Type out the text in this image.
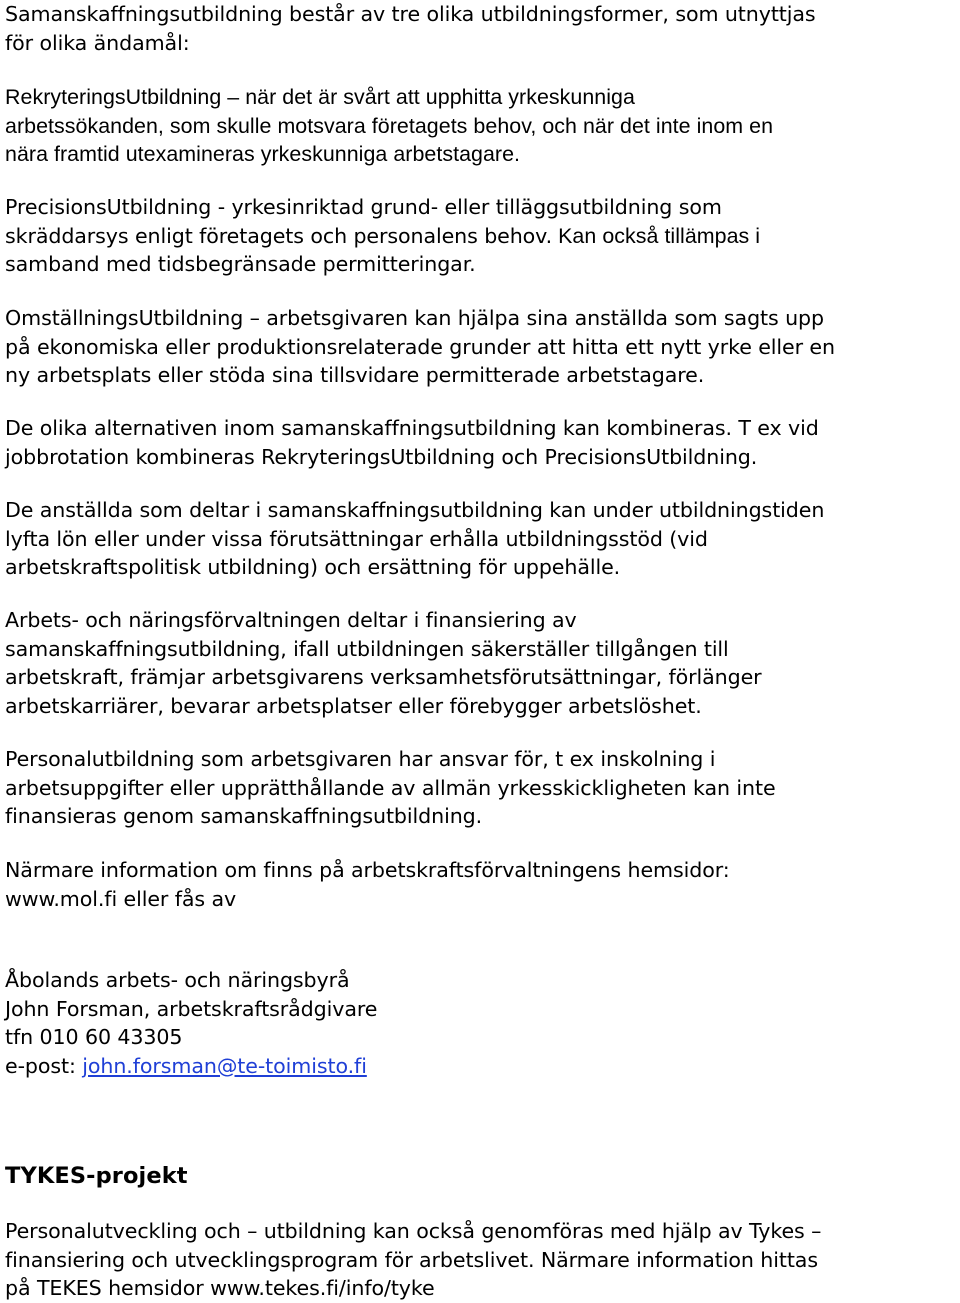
Samanskaffningsutbildning består av tre olika utbildningsformer, som utnyttjas
för olika ändamål:
RekryteringsUtbildning – när det är svårt att upphitta yrkeskunniga
arbetssökanden, som skulle motsvara företagets behov, och när det inte inom en
nära framtid utexamineras yrkeskunniga arbetstagare.
PrecisionsUtbildning - yrkesinriktad grund- eller tilläggsutbildning som
skräddarsys enligt företagets och personalens behov. Kan också tillämpas i
samband med tidsbegränsade permitteringar.
OmställningsUtbildning – arbetsgivaren kan hjälpa sina anställda som sagts upp
på ekonomiska eller produktionsrelaterade grunder att hitta ett nytt yrke eller en
ny arbetsplats eller stöda sina tillsvidare permitterade arbetstagare.
De olika alternativen inom samanskaffningsutbildning kan kombineras. T ex vid
jobbrotation kombineras RekryteringsUtbildning och PrecisionsUtbildning.
De anställda som deltar i samanskaffningsutbildning kan under utbildningstiden
lyfta lön eller under vissa förutsättningar erhålla utbildningsstöd (vid
arbetskraftspolitisk utbildning) och ersättning för uppehälle.
Arbets- och näringsförvaltningen deltar i finansiering av
samanskaffningsutbildning, ifall utbildningen säkerställer tillgången till
arbetskraft, främjar arbetsgivarens verksamhetsförutsättningar, förlänger
arbetskarriärer, bevarar arbetsplatser eller förebygger arbetslöshet.
Personalutbildning som arbetsgivaren har ansvar för, t ex inskolning i
arbetsuppgifter eller upprätthållande av allmän yrkesskickligheten kan inte
finansieras genom samanskaffningsutbildning.
Närmare information om finns på arbetskraftsförvaltningens hemsidor:
www.mol.fi eller fås av
Åbolands arbets- och näringsbyrå
John Forsman, arbetskraftsrådgivare
tfn 010 60 43305
e-post: john.forsman@te-toimisto.fi
TYKES-projekt
Personalutveckling och – utbildning kan också genomföras med hjälp av Tykes –
finansiering och utvecklingsprogram för arbetslivet. Närmare information hittas
på TEKES hemsidor www.tekes.fi/info/tyke
